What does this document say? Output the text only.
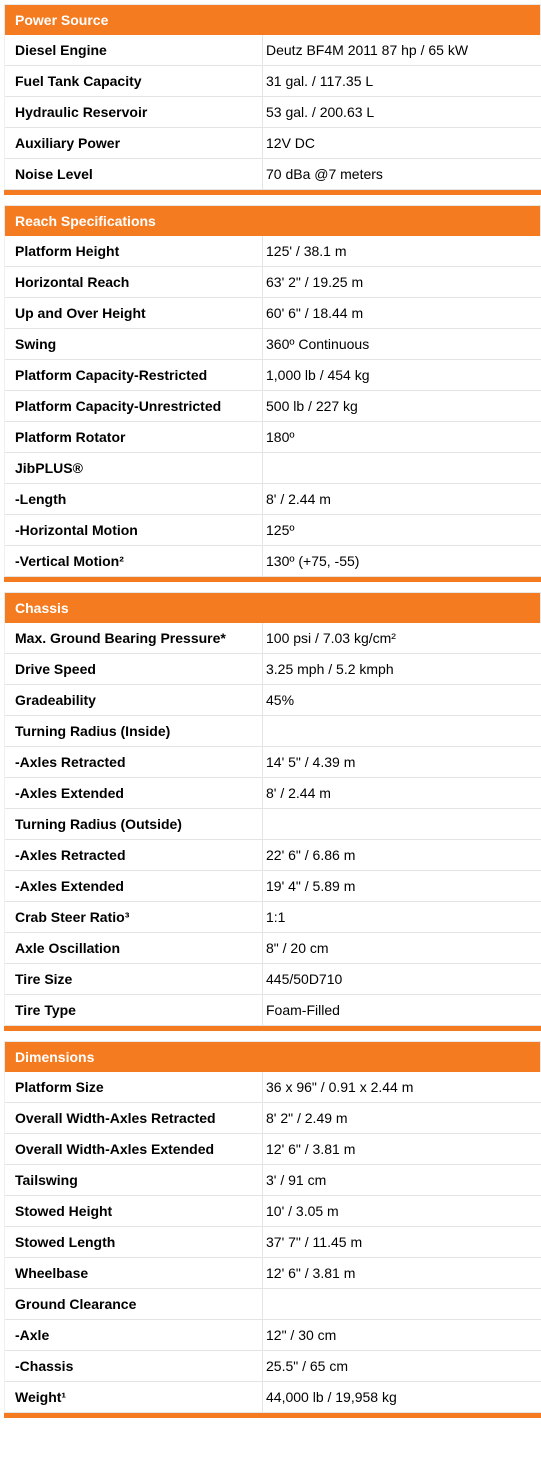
Power Source
Diesel Engine	Deutz BF4M 2011 87 hp / 65 kW
Fuel Tank Capacity	31 gal. / 117.35 L
Hydraulic Reservoir	53 gal. / 200.63 L
Auxiliary Power	12V DC
Noise Level	70 dBa @7 meters
Reach Specifications
Platform Height	125' / 38.1 m
Horizontal Reach	63' 2" / 19.25 m
Up and Over Height	60' 6" / 18.44 m
Swing	360º Continuous
Platform Capacity-Restricted	1,000 lb / 454 kg
Platform Capacity-Unrestricted	500 lb / 227 kg
Platform Rotator	180º
JibPLUS®
-Length	8' / 2.44 m
-Horizontal Motion	125º
-Vertical Motion²	130º (+75, -55)
Chassis
Max. Ground Bearing Pressure*	100 psi / 7.03 kg/cm²
Drive Speed	3.25 mph / 5.2 kmph
Gradeability	45%
Turning Radius (Inside)
-Axles Retracted	14' 5" / 4.39 m
-Axles Extended	8' / 2.44 m
Turning Radius (Outside)
-Axles Retracted	22' 6" / 6.86 m
-Axles Extended	19' 4" / 5.89 m
Crab Steer Ratio³	1:1
Axle Oscillation	8" / 20 cm
Tire Size	445/50D710
Tire Type	Foam-Filled
Dimensions
Platform Size	36 x 96" / 0.91 x 2.44 m
Overall Width-Axles Retracted	8' 2" / 2.49 m
Overall Width-Axles Extended	12' 6" / 3.81 m
Tailswing	3' / 91 cm
Stowed Height	10' / 3.05 m
Stowed Length	37' 7" / 11.45 m
Wheelbase	12' 6" / 3.81 m
Ground Clearance
-Axle	12" / 30 cm
-Chassis	25.5" / 65 cm
Weight¹	44,000 lb / 19,958 kg
